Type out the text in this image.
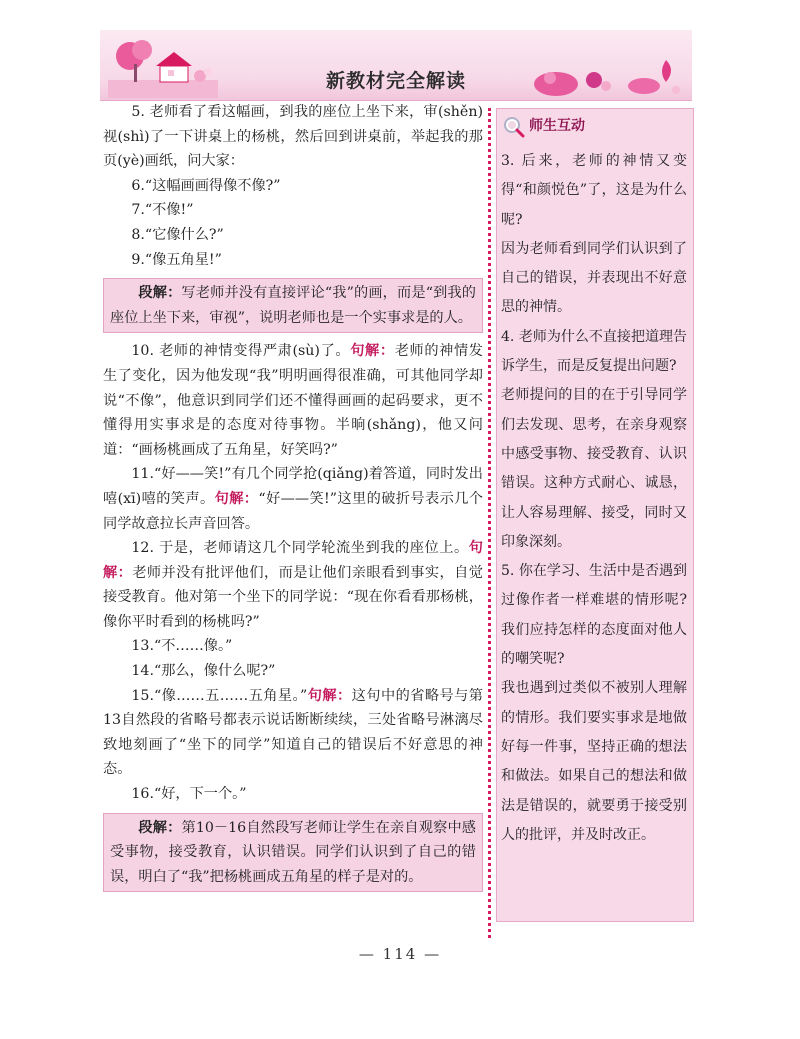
新教材完全解读

5. 老师看了看这幅画，到我的座位上坐下来，审(shěn)视(shì)了一下讲桌上的杨桃，然后回到讲桌前，举起我的那页(yè)画纸，问大家：

6.“这幅画画得像不像?”

7.“不像!”

8.“它像什么?”

9.“像五角星!”

段解：写老师并没有直接评论“我”的画，而是“到我的座位上坐下来，审视”，说明老师也是一个实事求是的人。

10. 老师的神情变得严肃(sù)了。句解：老师的神情发生了变化，因为他发现“我”明明画得很准确，可其他同学却说“不像”，他意识到同学们还不懂得画画的起码要求，更不懂得用实事求是的态度对待事物。半晌(shǎng)，他又问道：“画杨桃画成了五角星，好笑吗?”

11.“好——笑!”有几个同学抢(qiǎng)着答道，同时发出嘻(xī)嘻的笑声。句解：“好——笑!”这里的破折号表示几个同学故意拉长声音回答。

12. 于是，老师请这几个同学轮流坐到我的座位上。句解：老师并没有批评他们，而是让他们亲眼看到事实，自觉接受教育。他对第一个坐下的同学说：“现在你看看那杨桃，像你平时看到的杨桃吗?”

13.“不……像。”

14.“那么，像什么呢?”

15.“像……五……五角星。”句解：这句中的省略号与第13自然段的省略号都表示说话断断续续，三处省略号淋漓尽致地刻画了“坐下的同学”知道自己的错误后不好意思的神态。

16.“好，下一个。”

段解：第10－16自然段写老师让学生在亲自观察中感受事物，接受教育，认识错误。同学们认识到了自己的错误，明白了“我”把杨桃画成五角星的样子是对的。

师生互动

3. 后来，老师的神情又变得“和颜悦色”了，这是为什么呢?

因为老师看到同学们认识到了自己的错误，并表现出不好意思的神情。

4. 老师为什么不直接把道理告诉学生，而是反复提出问题?

老师提问的目的在于引导同学们去发现、思考，在亲身观察中感受事物、接受教育、认识错误。这种方式耐心、诚恳，让人容易理解、接受，同时又印象深刻。

5. 你在学习、生活中是否遇到过像作者一样难堪的情形呢? 我们应持怎样的态度面对他人的嘲笑呢?

我也遇到过类似不被别人理解的情形。我们要实事求是地做好每一件事，坚持正确的想法和做法。如果自己的想法和做法是错误的，就要勇于接受别人的批评，并及时改正。

— 114 —
